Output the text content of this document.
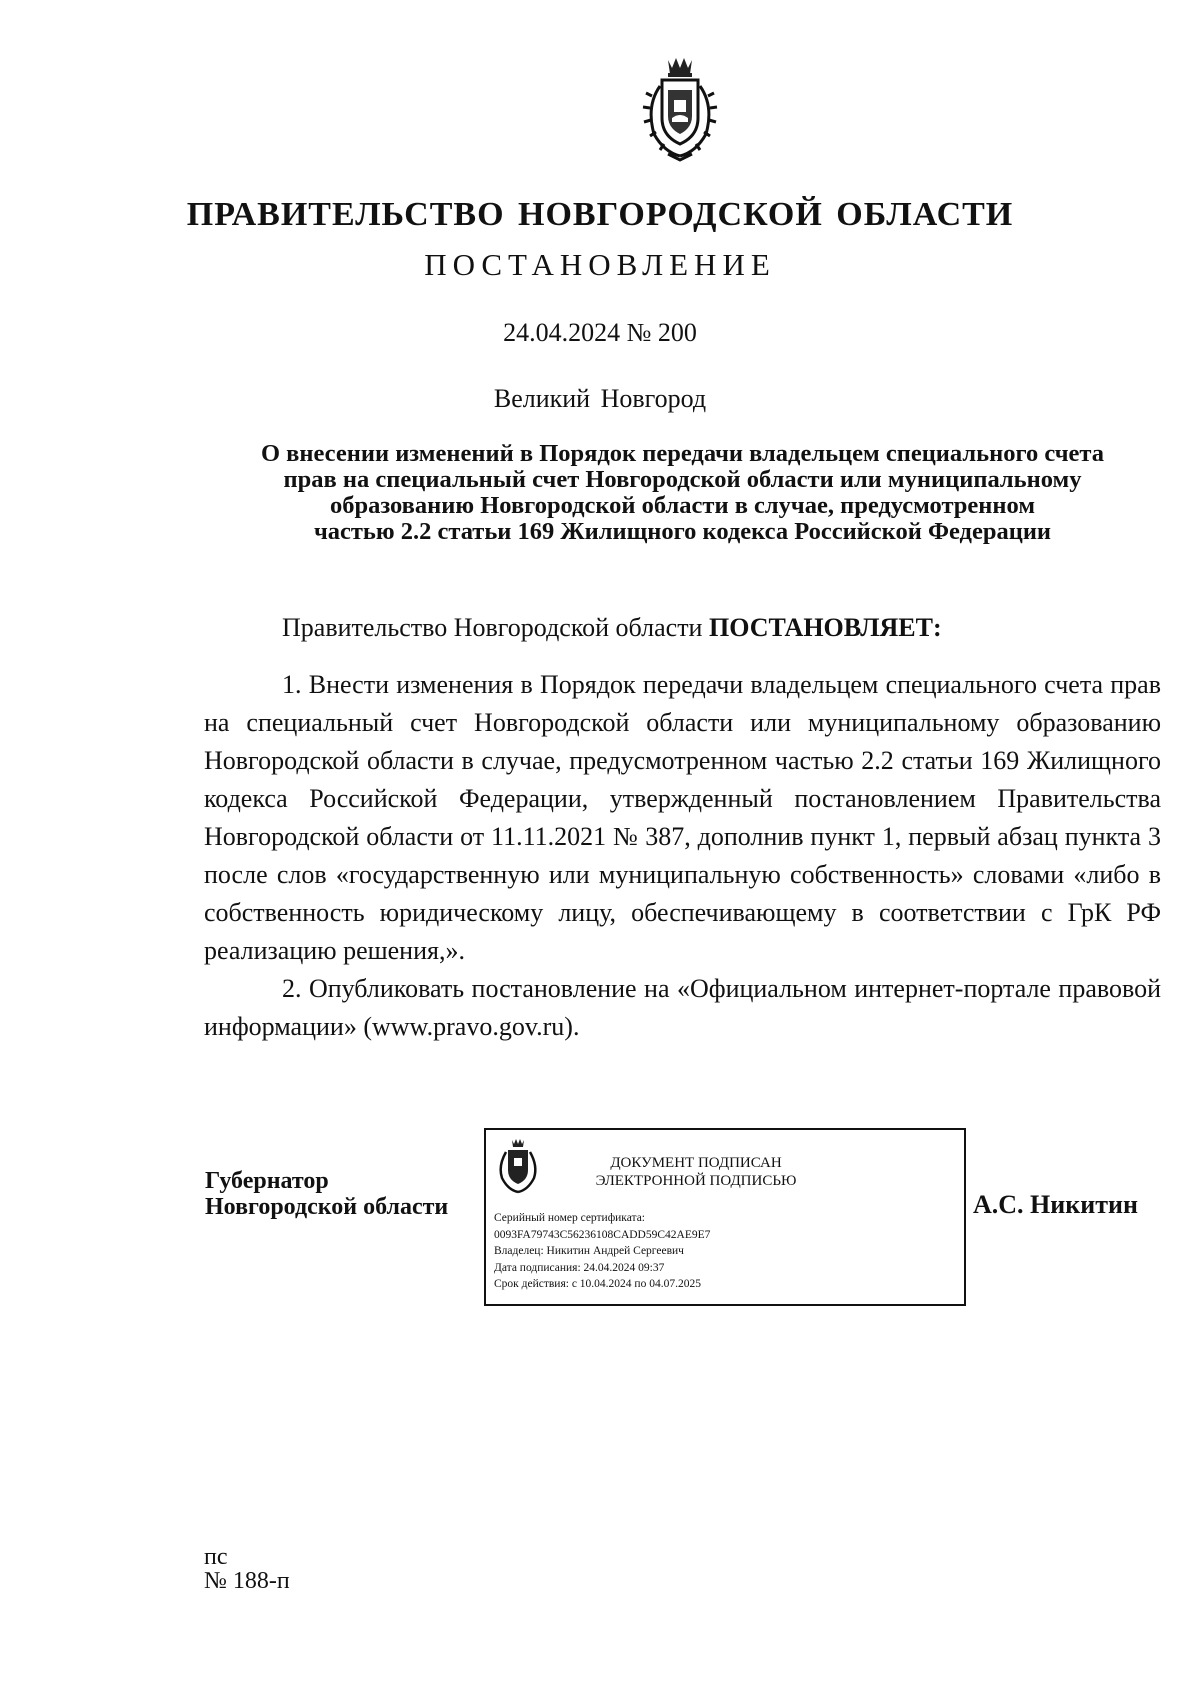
ПРАВИТЕЛЬСТВО НОВГОРОДСКОЙ ОБЛАСТИ
ПОСТАНОВЛЕНИЕ
24.04.2024 № 200
Великий Новгород
О внесении изменений в Порядок передачи владельцем специального счета
прав на специальный счет Новгородской области или муниципальному
образованию Новгородской области в случае, предусмотренном
частью 2.2 статьи 169 Жилищного кодекса Российской Федерации
Правительство Новгородской области ПОСТАНОВЛЯЕТ:

1. Внести изменения в Порядок передачи владельцем специального счета прав на специальный счет Новгородской области или муниципальному образованию Новгородской области в случае, предусмотренном частью 2.2 статьи 169 Жилищного кодекса Российской Федерации, утвержденный постановлением Правительства Новгородской области от 11.11.2021 № 387, дополнив пункт 1, первый абзац пункта 3 после слов «государственную или муниципальную собственность» словами «либо в собственность юридическому лицу, обеспечивающему в соответствии с ГрК РФ реализацию решения,».

2. Опубликовать постановление на «Официальном интернет-портале правовой информации» (www.pravo.gov.ru).

Губернатор
Новгородской области
ДОКУМЕНТ ПОДПИСАН
ЭЛЕКТРОННОЙ ПОДПИСЬЮ
Серийный номер сертификата:
0093FA79743C56236108CADD59C42AE9E7
Владелец: Никитин Андрей Сергеевич
Дата подписания: 24.04.2024 09:37
Срок действия: с 10.04.2024 по 04.07.2025
А.С. Никитин
пс
№ 188-п
